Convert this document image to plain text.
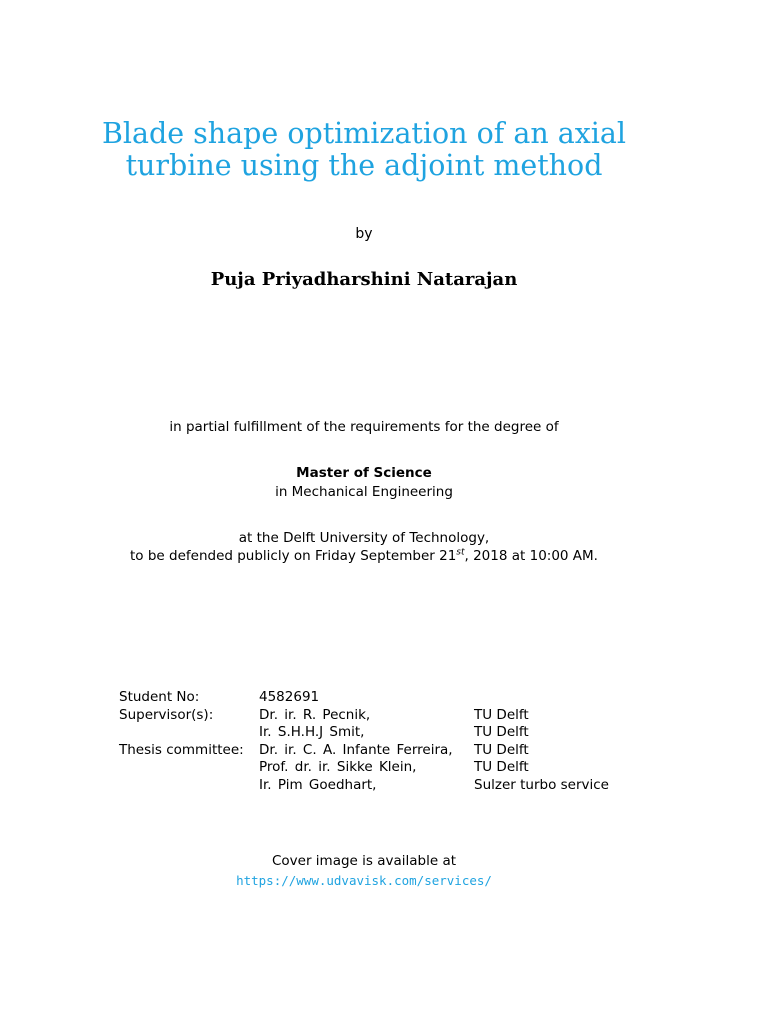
Blade shape optimization of an axial
turbine using the adjoint method
by
Puja Priyadharshini Natarajan
in partial fulfillment of the requirements for the degree of
Master of Science
in Mechanical Engineering
at the Delft University of Technology,
to be defended publicly on Friday September 21st, 2018 at 10:00 AM.
Student No:	4582691	
Supervisor(s):	Dr. ir. R. Pecnik,	TU Delft
	Ir. S.H.H.J Smit,	TU Delft
Thesis committee:	Dr. ir. C. A. Infante Ferreira,	TU Delft
	Prof. dr. ir. Sikke Klein,	TU Delft
	Ir. Pim Goedhart,	Sulzer turbo service
Cover image is available at
https://www.udvavisk.com/services/
